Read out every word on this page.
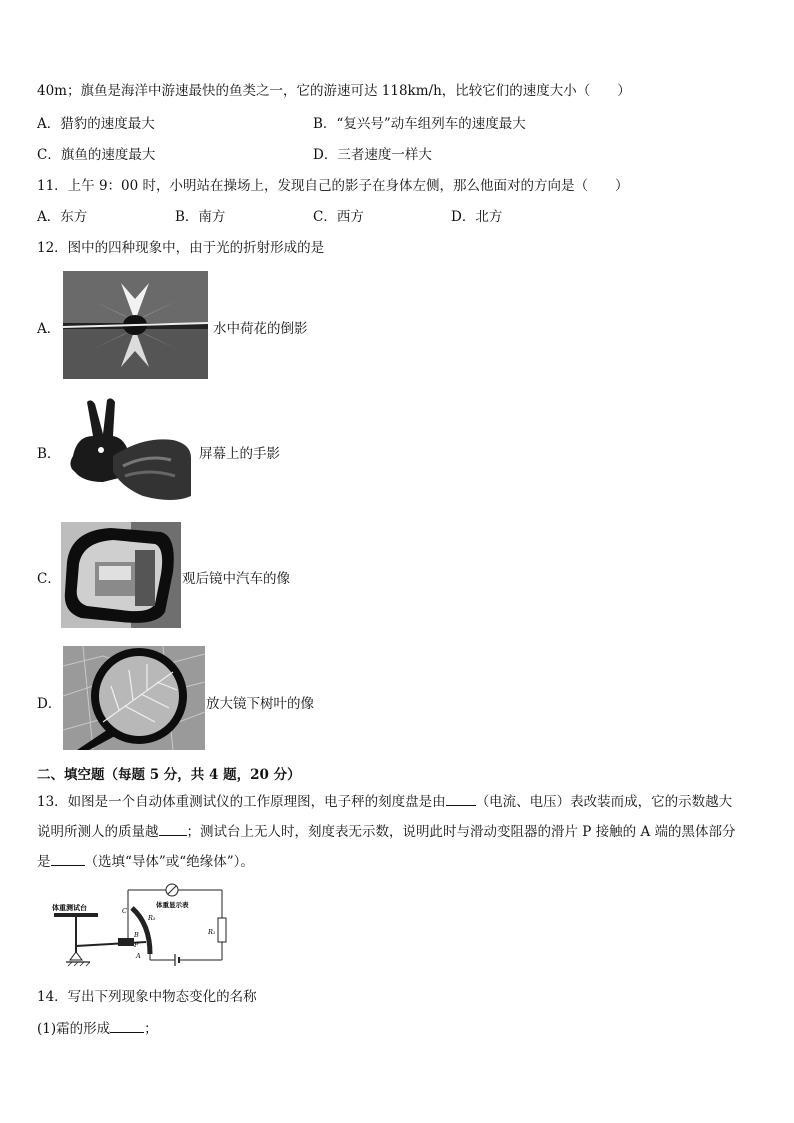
40m；旗鱼是海洋中游速最快的鱼类之一，它的游速可达 118km/h，比较它们的速度大小（　　）
A．猎豹的速度最大	B．“复兴号”动车组列车的速度最大
C．旗鱼的速度最大	D．三者速度一样大
11．上午 9：00 时，小明站在操场上，发现自己的影子在身体左侧，那么他面对的方向是（　　）
A．东方	B．南方	C．西方	D．北方
12．图中的四种现象中，由于光的折射形成的是
A．	水中荷花的倒影
B．	屏幕上的手影
C．	观后镜中汽车的像
D．	放大镜下树叶的像
二、填空题（每题 5 分，共 4 题，20 分）
13．如图是一个自动体重测试仪的工作原理图，电子秤的刻度盘是由 （电流、电压）表改装而成，它的示数越大
说明所测人的质量越 ；测试台上无人时，刻度表无示数，说明此时与滑动变阻器的滑片 P 接触的 A 端的黑体部分
是	（选填“导体”或“绝缘体”）。
体重测试台	体重显示表
R₁
R₂
C
B
P
A
14．写出下列现象中物态变化的名称
(1)霜的形成	；
